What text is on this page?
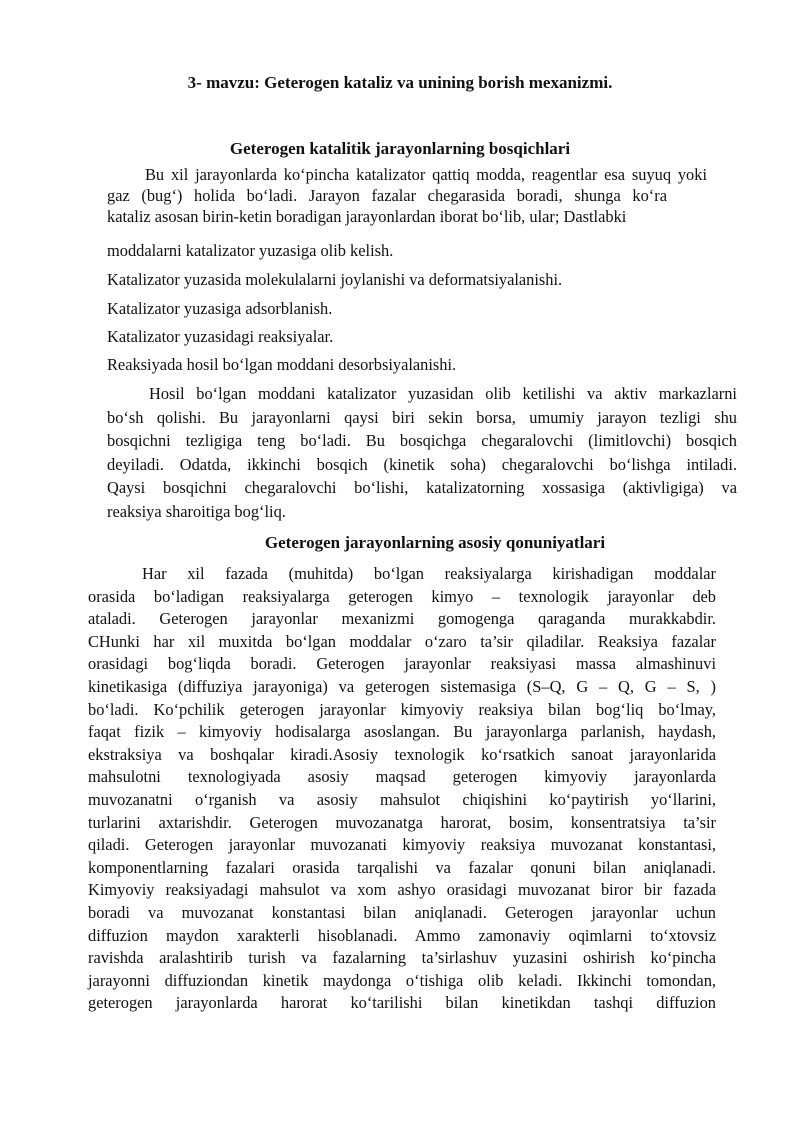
3- mavzu: Geterogen kataliz va unining borish mexanizmi.
Geterogen katalitik jarayonlarning bosqichlari
Bu xil jarayonlarda ko‘pincha katalizator qattiq modda, reagentlar esa suyuq yoki
gaz (bug‘) holida bo‘ladi. Jarayon fazalar chegarasida boradi, shunga ko‘ra
kataliz asosan birin-ketin boradigan jarayonlardan iborat bo‘lib, ular; Dastlabki

moddalarni katalizator yuzasiga olib kelish.

Katalizator yuzasida molekulalarni joylanishi va deformatsiyalanishi.

Katalizator yuzasiga adsorblanish.

Katalizator yuzasidagi reaksiyalar.

Reaksiyada hosil bo‘lgan moddani desorbsiyalanishi.

Hosil bo‘lgan moddani katalizator yuzasidan olib ketilishi va aktiv markazlarni
bo‘sh qolishi. Bu jarayonlarni qaysi biri sekin borsa, umumiy jarayon tezligi shu
bosqichni tezligiga teng bo‘ladi. Bu bosqichga chegaralovchi (limitlovchi) bosqich
deyiladi. Odatda, ikkinchi bosqich (kinetik soha) chegaralovchi bo‘lishga intiladi.
Qaysi bosqichni chegaralovchi bo‘lishi, katalizatorning xossasiga (aktivligiga) va
reaksiya sharoitiga bog‘liq.
Geterogen jarayonlarning asosiy qonuniyatlari
Har xil fazada (muhitda) bo‘lgan reaksiyalarga kirishadigan moddalar
orasida bo‘ladigan reaksiyalarga geterogen kimyo – texnologik jarayonlar deb
ataladi. Geterogen jarayonlar mexanizmi gomogenga qaraganda murakkabdir.
CHunki har xil muxitda bo‘lgan moddalar o‘zaro ta’sir qiladilar. Reaksiya fazalar
orasidagi bog‘liqda boradi. Geterogen jarayonlar reaksiyasi massa almashinuvi
kinetikasiga (diffuziya jarayoniga) va geterogen sistemasiga (S–Q, G – Q, G – S, )
bo‘ladi. Ko‘pchilik geterogen jarayonlar kimyoviy reaksiya bilan bog‘liq bo‘lmay,
faqat fizik – kimyoviy hodisalarga asoslangan. Bu jarayonlarga parlanish, haydash,
ekstraksiya va boshqalar kiradi.Asosiy texnologik ko‘rsatkich sanoat jarayonlarida
mahsulotni texnologiyada asosiy maqsad geterogen kimyoviy jarayonlarda
muvozanatni o‘rganish va asosiy mahsulot chiqishini ko‘paytirish yo‘llarini,
turlarini axtarishdir. Geterogen muvozanatga harorat, bosim, konsentratsiya ta’sir
qiladi. Geterogen jarayonlar muvozanati kimyoviy reaksiya muvozanat konstantasi,
komponentlarning fazalari orasida tarqalishi va fazalar qonuni bilan aniqlanadi.
Kimyoviy reaksiyadagi mahsulot va xom ashyo orasidagi muvozanat biror bir fazada
boradi va muvozanat konstantasi bilan aniqlanadi. Geterogen jarayonlar uchun
diffuzion maydon xarakterli hisoblanadi. Ammo zamonaviy oqimlarni to‘xtovsiz
ravishda aralashtirib turish va fazalarning ta’sirlashuv yuzasini oshirish ko‘pincha
jarayonni diffuziondan kinetik maydonga o‘tishiga olib keladi. Ikkinchi tomondan,
geterogen jarayonlarda harorat ko‘tarilishi bilan kinetikdan tashqi diffuzion
